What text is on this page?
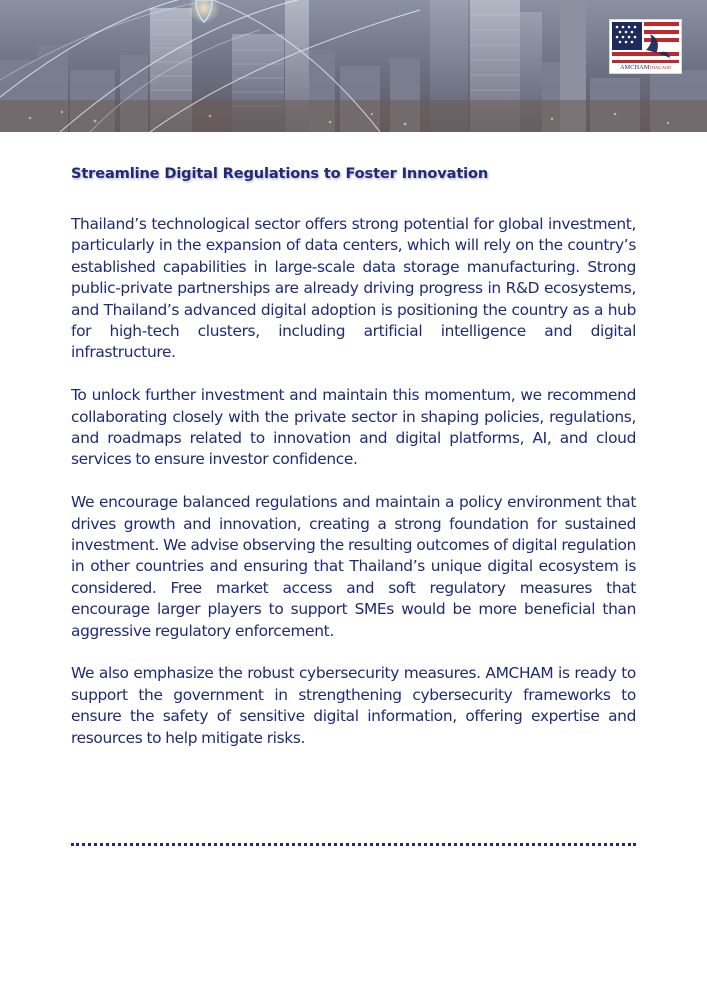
AMCHAMTHAILAND
Streamline Digital Regulations to Foster Innovation

Thailand’s technological sector offers strong potential for global investment, particularly in the expansion of data centers, which will rely on the country’s established capabilities in large-scale data storage manufacturing. Strong public-private partnerships are already driving progress in R&D ecosystems, and Thailand’s advanced digital adoption is positioning the country as a hub for high-tech clusters, including artificial intelligence and digital infrastructure.

To unlock further investment and maintain this momentum, we recommend collaborating closely with the private sector in shaping policies, regulations, and roadmaps related to innovation and digital platforms, AI, and cloud services to ensure investor confidence.

We encourage balanced regulations and maintain a policy environment that drives growth and innovation, creating a strong foundation for sustained investment. We advise observing the resulting outcomes of digital regulation in other countries and ensuring that Thailand’s unique digital ecosystem is considered. Free market access and soft regulatory measures that encourage larger players to support SMEs would be more beneficial than aggressive regulatory enforcement.

We also emphasize the robust cybersecurity measures. AMCHAM is ready to support the government in strengthening cybersecurity frameworks to ensure the safety of sensitive digital information, offering expertise and resources to help mitigate risks.
